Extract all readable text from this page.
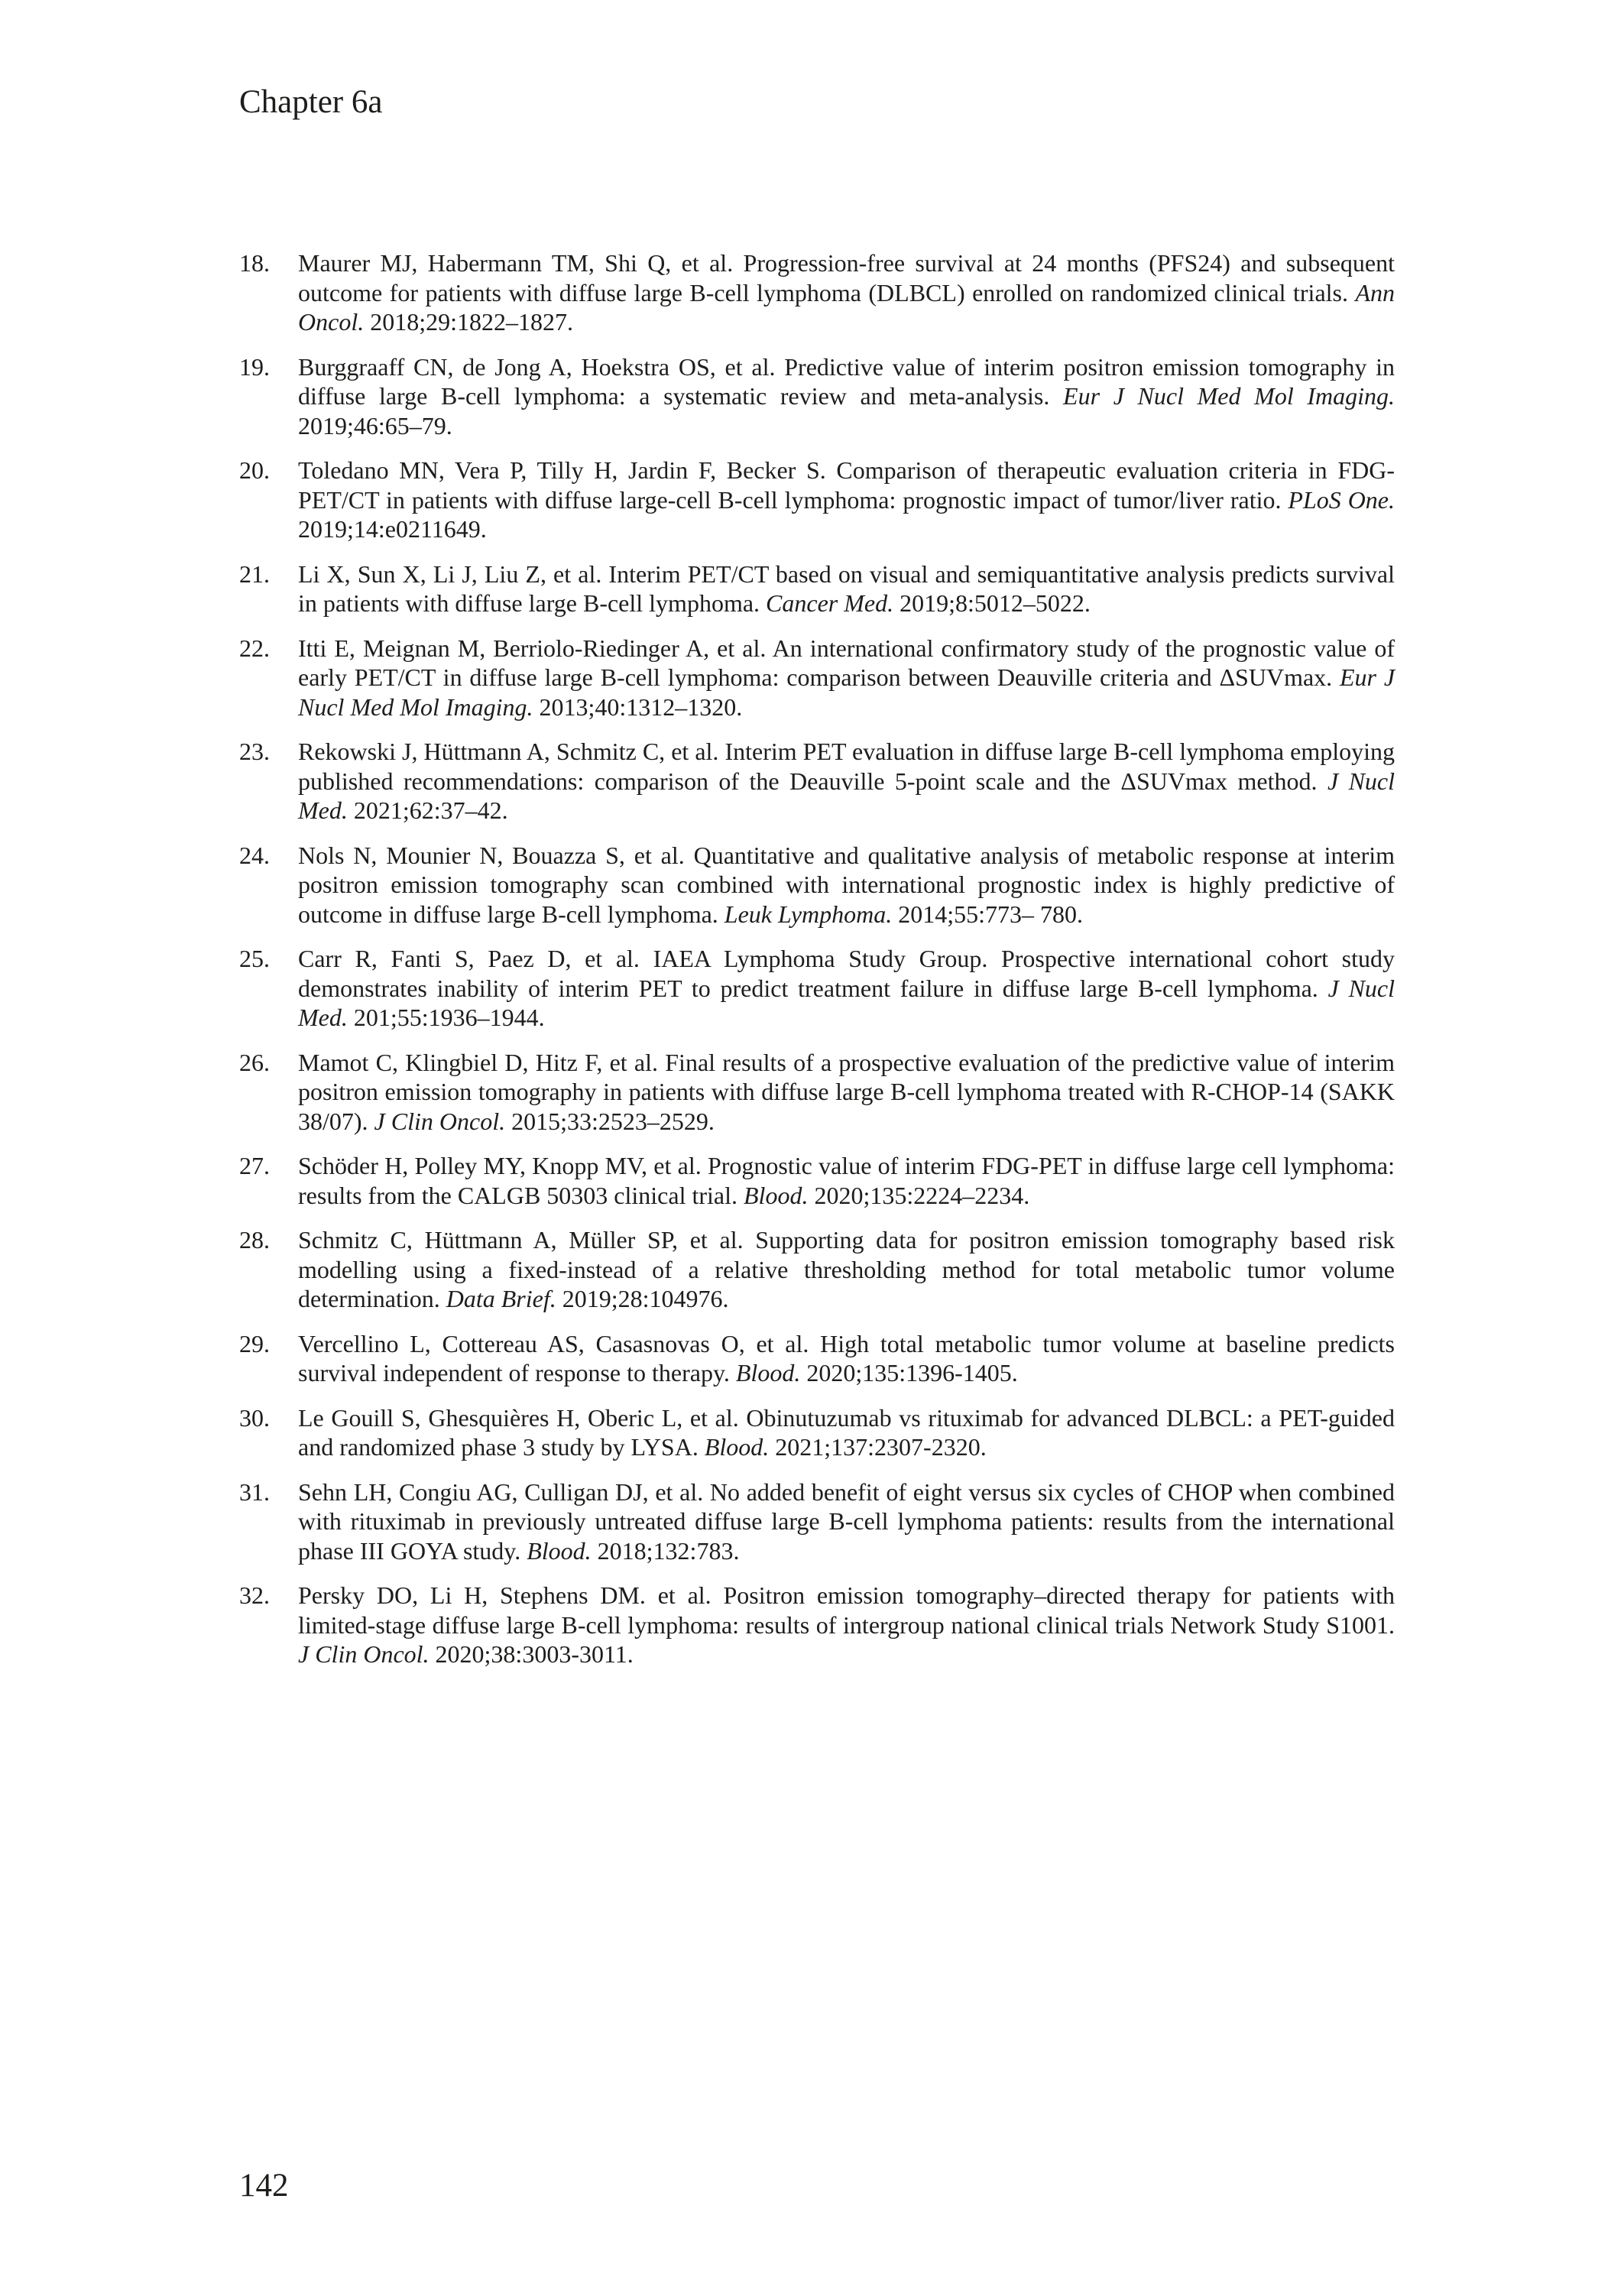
Chapter 6a
18.	Maurer MJ, Habermann TM, Shi Q, et al. Progression-free survival at 24 months (PFS24) and subsequent outcome for patients with diffuse large B-cell lymphoma (DLBCL) enrolled on randomized clinical trials. Ann Oncol. 2018;29:1822–1827.
19.	Burggraaff CN, de Jong A, Hoekstra OS, et al. Predictive value of interim positron emission tomography in diffuse large B-cell lymphoma: a systematic review and meta-analysis. Eur J Nucl Med Mol Imaging. 2019;46:65–79.
20.	Toledano MN, Vera P, Tilly H, Jardin F, Becker S. Comparison of therapeutic evaluation criteria in FDG-PET/CT in patients with diffuse large-cell B-cell lymphoma: prognostic impact of tumor/liver ratio. PLoS One. 2019;14:e0211649.
21.	Li X, Sun X, Li J, Liu Z, et al. Interim PET/CT based on visual and semiquantitative analysis predicts survival in patients with diffuse large B-cell lymphoma. Cancer Med. 2019;8:5012–5022.
22.	Itti E, Meignan M, Berriolo-Riedinger A, et al. An international confirmatory study of the prognostic value of early PET/CT in diffuse large B-cell lymphoma: comparison between Deauville criteria and ΔSUVmax. Eur J Nucl Med Mol Imaging. 2013;40:1312–1320.
23.	Rekowski J, Hüttmann A, Schmitz C, et al. Interim PET evaluation in diffuse large B-cell lymphoma employing published recommendations: comparison of the Deauville 5-point scale and the ΔSUVmax method. J Nucl Med. 2021;62:37–42.
24.	Nols N, Mounier N, Bouazza S, et al. Quantitative and qualitative analysis of metabolic response at interim positron emission tomography scan combined with international prognostic index is highly predictive of outcome in diffuse large B-cell lymphoma. Leuk Lymphoma. 2014;55:773– 780.
25.	Carr R, Fanti S, Paez D, et al. IAEA Lymphoma Study Group. Prospective international cohort study demonstrates inability of interim PET to predict treatment failure in diffuse large B-cell lymphoma. J Nucl Med. 201;55:1936–1944.
26.	Mamot C, Klingbiel D, Hitz F, et al. Final results of a prospective evaluation of the predictive value of interim positron emission tomography in patients with diffuse large B-cell lymphoma treated with R-CHOP-14 (SAKK 38/07). J Clin Oncol. 2015;33:2523–2529.
27.	Schöder H, Polley MY, Knopp MV, et al. Prognostic value of interim FDG-PET in diffuse large cell lymphoma: results from the CALGB 50303 clinical trial. Blood. 2020;135:2224–2234.
28.	Schmitz C, Hüttmann A, Müller SP, et al. Supporting data for positron emission tomography based risk modelling using a fixed-instead of a relative thresholding method for total metabolic tumor volume determination. Data Brief. 2019;28:104976.
29.	Vercellino L, Cottereau AS, Casasnovas O, et al. High total metabolic tumor volume at baseline predicts survival independent of response to therapy. Blood. 2020;135:1396-1405.
30.	Le Gouill S, Ghesquières H, Oberic L, et al. Obinutuzumab vs rituximab for advanced DLBCL: a PET-guided and randomized phase 3 study by LYSA. Blood. 2021;137:2307-2320.
31.	Sehn LH, Congiu AG, Culligan DJ, et al. No added benefit of eight versus six cycles of CHOP when combined with rituximab in previously untreated diffuse large B-cell lymphoma patients: results from the international phase III GOYA study. Blood. 2018;132:783.
32.	Persky DO, Li H, Stephens DM. et al. Positron emission tomography–directed therapy for patients with limited-stage diffuse large B-cell lymphoma: results of intergroup national clinical trials Network Study S1001. J Clin Oncol. 2020;38:3003-3011.
142
